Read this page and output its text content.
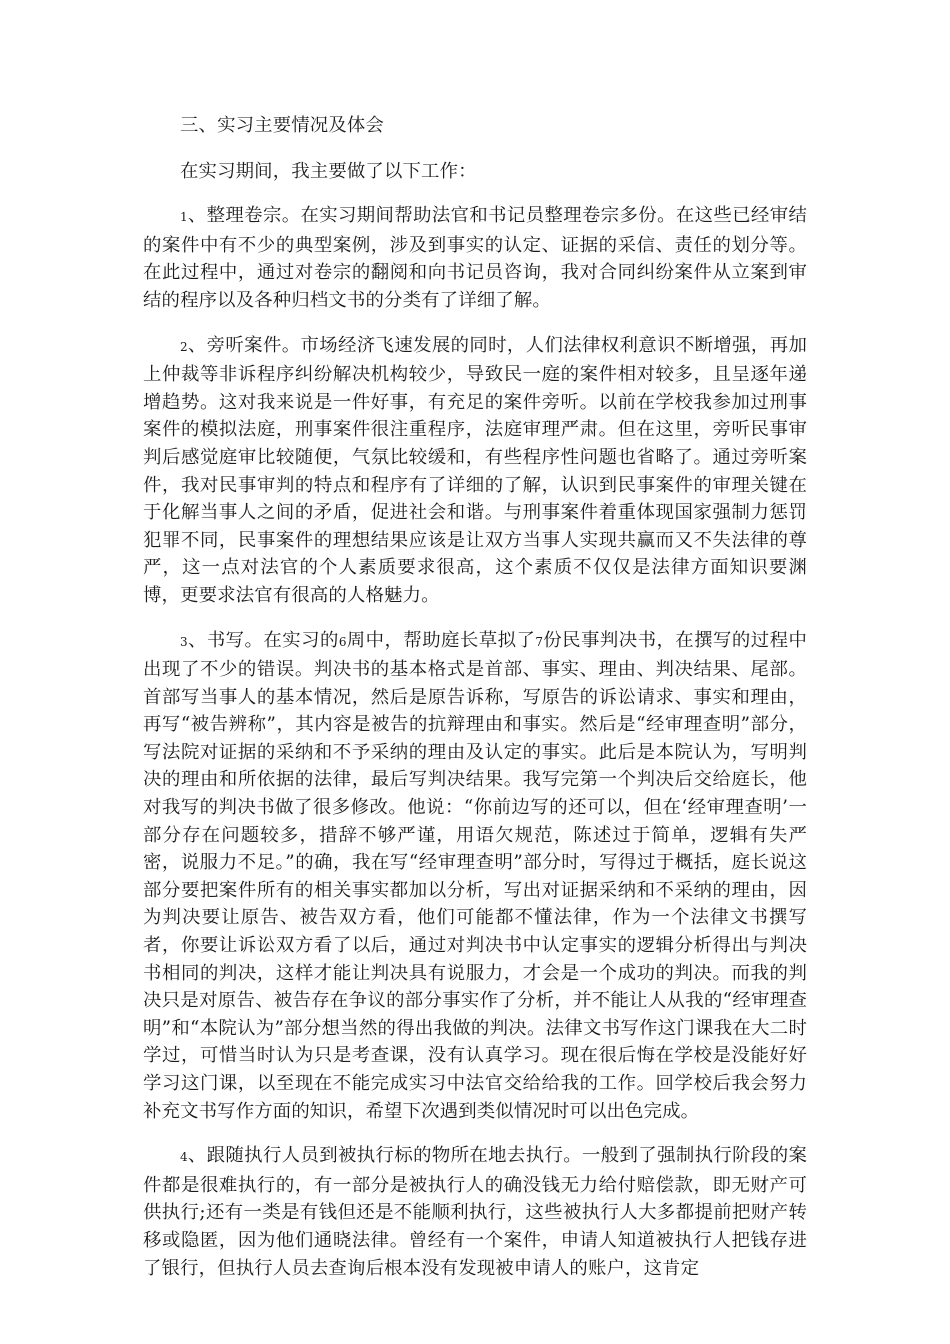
三、实习主要情况及体会

在实习期间，我主要做了以下工作：

1、整理卷宗。在实习期间帮助法官和书记员整理卷宗多份。在这些已经审结的案件中有不少的典型案例，涉及到事实的认定、证据的采信、责任的划分等。在此过程中，通过对卷宗的翻阅和向书记员咨询，我对合同纠纷案件从立案到审结的程序以及各种归档文书的分类有了详细了解。

2、旁听案件。市场经济飞速发展的同时，人们法律权利意识不断增强，再加上仲裁等非诉程序纠纷解决机构较少，导致民一庭的案件相对较多，且呈逐年递增趋势。这对我来说是一件好事，有充足的案件旁听。以前在学校我参加过刑事案件的模拟法庭，刑事案件很注重程序，法庭审理严肃。但在这里，旁听民事审判后感觉庭审比较随便，气氛比较缓和，有些程序性问题也省略了。通过旁听案件，我对民事审判的特点和程序有了详细的了解，认识到民事案件的审理关键在于化解当事人之间的矛盾，促进社会和谐。与刑事案件着重体现国家强制力惩罚犯罪不同，民事案件的理想结果应该是让双方当事人实现共赢而又不失法律的尊严，这一点对法官的个人素质要求很高，这个素质不仅仅是法律方面知识要渊博，更要求法官有很高的人格魅力。

3、书写。在实习的6周中，帮助庭长草拟了7份民事判决书，在撰写的过程中出现了不少的错误。判决书的基本格式是首部、事实、理由、判决结果、尾部。首部写当事人的基本情况，然后是原告诉称，写原告的诉讼请求、事实和理由，再写“被告辨称”，其内容是被告的抗辩理由和事实。然后是“经审理查明”部分，写法院对证据的采纳和不予采纳的理由及认定的事实。此后是本院认为，写明判决的理由和所依据的法律，最后写判决结果。我写完第一个判决后交给庭长，他对我写的判决书做了很多修改。他说：“你前边写的还可以，但在‘经审理查明’一部分存在问题较多，措辞不够严谨，用语欠规范，陈述过于简单，逻辑有失严密，说服力不足。”的确，我在写“经审理查明”部分时，写得过于概括，庭长说这部分要把案件所有的相关事实都加以分析，写出对证据采纳和不采纳的理由，因为判决要让原告、被告双方看，他们可能都不懂法律，作为一个法律文书撰写者，你要让诉讼双方看了以后，通过对判决书中认定事实的逻辑分析得出与判决书相同的判决，这样才能让判决具有说服力，才会是一个成功的判决。而我的判决只是对原告、被告存在争议的部分事实作了分析，并不能让人从我的“经审理查明”和“本院认为”部分想当然的得出我做的判决。法律文书写作这门课我在大二时学过，可惜当时认为只是考查课，没有认真学习。现在很后悔在学校是没能好好学习这门课，以至现在不能完成实习中法官交给给我的工作。回学校后我会努力补充文书写作方面的知识，希望下次遇到类似情况时可以出色完成。

4、跟随执行人员到被执行标的物所在地去执行。一般到了强制执行阶段的案件都是很难执行的，有一部分是被执行人的确没钱无力给付赔偿款，即无财产可供执行;还有一类是有钱但还是不能顺利执行，这些被执行人大多都提前把财产转移或隐匿，因为他们通晓法律。曾经有一个案件，申请人知道被执行人把钱存进了银行，但执行人员去查询后根本没有发现被申请人的账户，这肯定
